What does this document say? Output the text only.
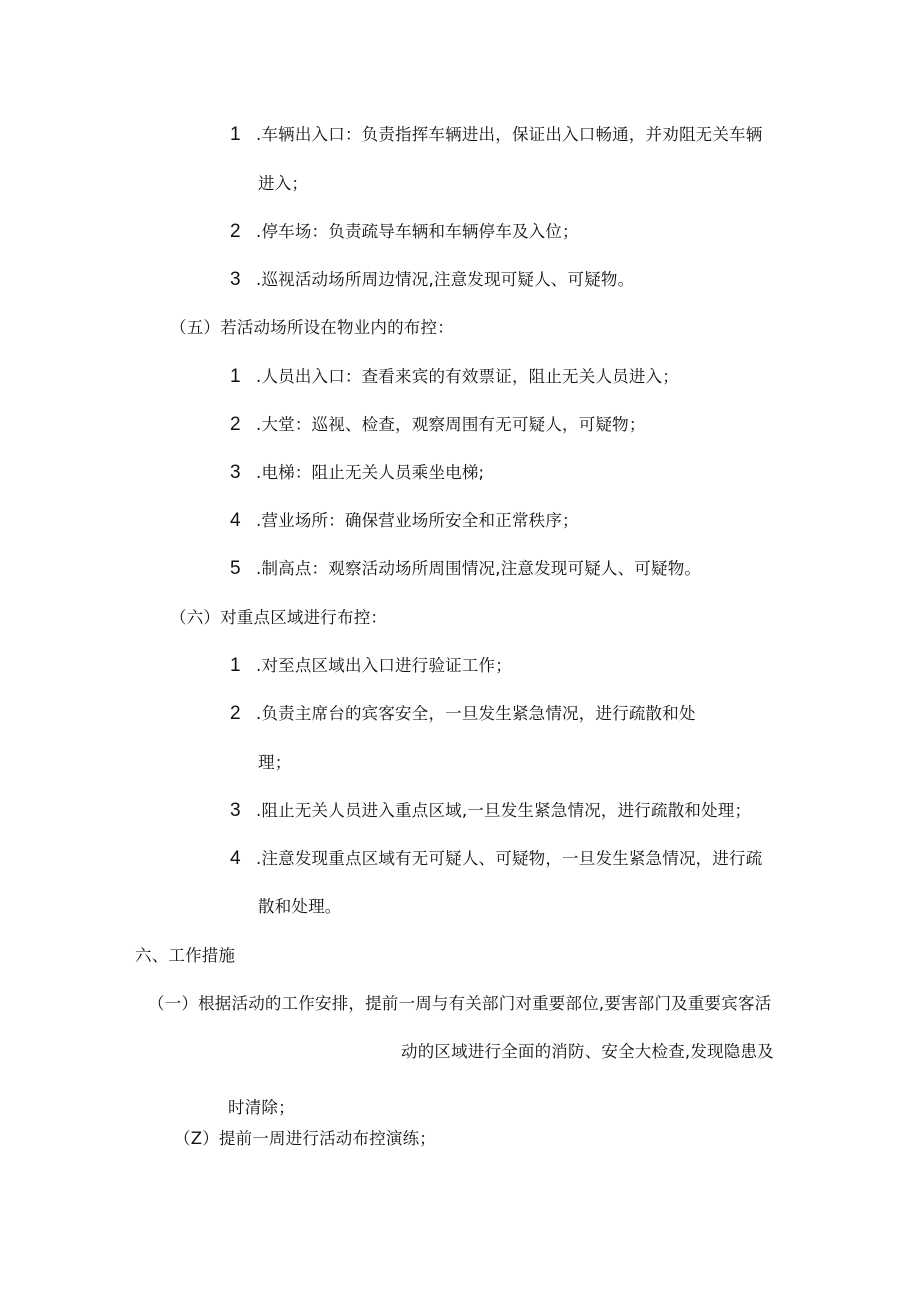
1 .车辆出入口：负责指挥车辆进出，保证出入口畅通，并劝阻无关车辆
进入；
2 .停车场：负责疏导车辆和车辆停车及入位；
3 .巡视活动场所周边情况,注意发现可疑人、可疑物。
（五）若活动场所设在物业内的布控：
1 .人员出入口：查看来宾的有效票证，阻止无关人员进入；
2 .大堂：巡视、检查，观察周围有无可疑人，可疑物；
3 .电梯：阻止无关人员乘坐电梯;
4 .营业场所：确保营业场所安全和正常秩序；
5 .制高点：观察活动场所周围情况,注意发现可疑人、可疑物。
（六）对重点区域进行布控：
1 .对至点区域出入口进行验证工作；
2 .负责主席台的宾客安全，一旦发生紧急情况，进行疏散和处
理；
3 .阻止无关人员进入重点区域,一旦发生紧急情况，进行疏散和处理；
4 .注意发现重点区域有无可疑人、可疑物，一旦发生紧急情况，进行疏
散和处理。
六、工作措施
（一）根据活动的工作安排，提前一周与有关部门对重要部位,要害部门及重要宾客活
动的区域进行全面的消防、安全大检查,发现隐患及
时清除；
（Z）提前一周进行活动布控演练；
